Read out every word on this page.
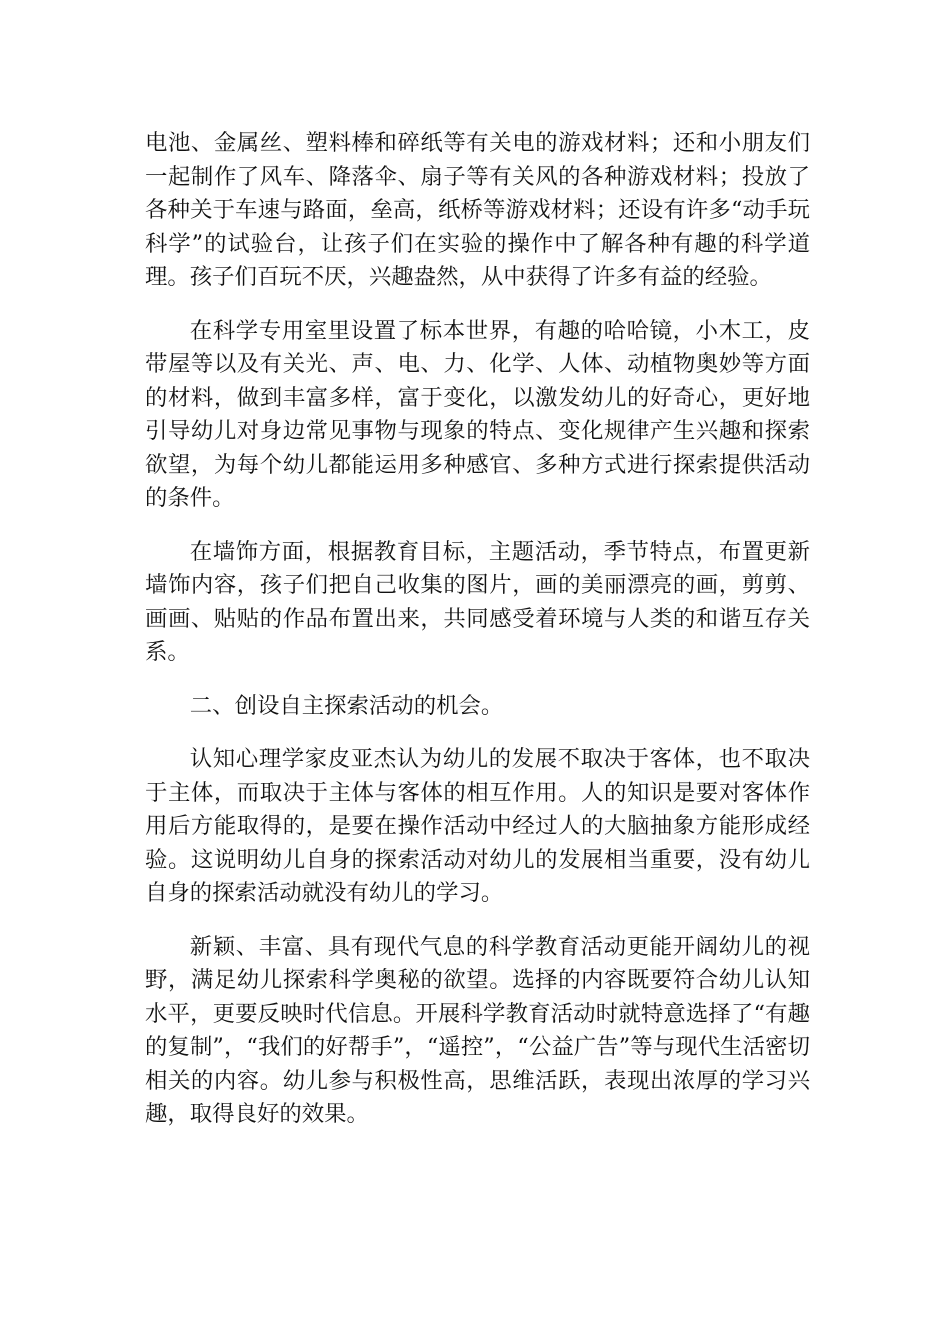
电池、金属丝、塑料棒和碎纸等有关电的游戏材料；还和小朋友们一起制作了风车、降落伞、扇子等有关风的各种游戏材料；投放了各种关于车速与路面，垒高，纸桥等游戏材料；还设有许多“动手玩科学”的试验台，让孩子们在实验的操作中了解各种有趣的科学道理。孩子们百玩不厌，兴趣盎然，从中获得了许多有益的经验。

在科学专用室里设置了标本世界，有趣的哈哈镜，小木工，皮带屋等以及有关光、声、电、力、化学、人体、动植物奥妙等方面的材料，做到丰富多样，富于变化，以激发幼儿的好奇心，更好地引导幼儿对身边常见事物与现象的特点、变化规律产生兴趣和探索欲望，为每个幼儿都能运用多种感官、多种方式进行探索提供活动的条件。

在墙饰方面，根据教育目标，主题活动，季节特点，布置更新墙饰内容，孩子们把自己收集的图片，画的美丽漂亮的画，剪剪、画画、贴贴的作品布置出来，共同感受着环境与人类的和谐互存关系。

二、创设自主探索活动的机会。

认知心理学家皮亚杰认为幼儿的发展不取决于客体，也不取决于主体，而取决于主体与客体的相互作用。人的知识是要对客体作用后方能取得的，是要在操作活动中经过人的大脑抽象方能形成经验。这说明幼儿自身的探索活动对幼儿的发展相当重要，没有幼儿自身的探索活动就没有幼儿的学习。

新颖、丰富、具有现代气息的科学教育活动更能开阔幼儿的视野，满足幼儿探索科学奥秘的欲望。选择的内容既要符合幼儿认知水平，更要反映时代信息。开展科学教育活动时就特意选择了“有趣的复制”，“我们的好帮手”，“遥控”，“公益广告”等与现代生活密切相关的内容。幼儿参与积极性高，思维活跃，表现出浓厚的学习兴趣，取得良好的效果。
